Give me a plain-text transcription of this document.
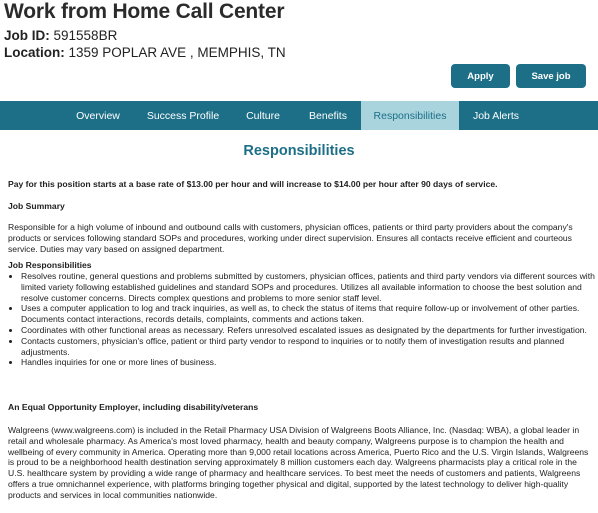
Work from Home Call Center
Job ID: 591558BR
Location: 1359 POPLAR AVE , MEMPHIS, TN
Apply	Save job
Overview	Success Profile	Culture	Benefits	Responsibilities	Job Alerts
Responsibilities
Pay for this position starts at a base rate of $13.00 per hour and will increase to $14.00 per hour after 90 days of service.
Job Summary
Responsible for a high volume of inbound and outbound calls with customers, physician offices, patients or third party providers about the company's products or services following standard SOPs and procedures, working under direct supervision. Ensures all contacts receive efficient and courteous service. Duties may vary based on assigned department.
Job Responsibilities
• Resolves routine, general questions and problems submitted by customers, physician offices, patients and third party vendors via different sources with limited variety following established guidelines and standard SOPs and procedures. Utilizes all available information to choose the best solution and resolve customer concerns. Directs complex questions and problems to more senior staff level.
• Uses a computer application to log and track inquiries, as well as, to check the status of items that require follow-up or involvement of other parties. Documents contact interactions, records details, complaints, comments and actions taken.
• Coordinates with other functional areas as necessary. Refers unresolved escalated issues as designated by the departments for further investigation.
• Contacts customers, physician's office, patient or third party vendor to respond to inquiries or to notify them of investigation results and planned adjustments.
• Handles inquiries for one or more lines of business.
An Equal Opportunity Employer, including disability/veterans
Walgreens (www.walgreens.com) is included in the Retail Pharmacy USA Division of Walgreens Boots Alliance, Inc. (Nasdaq: WBA), a global leader in retail and wholesale pharmacy. As America's most loved pharmacy, health and beauty company, Walgreens purpose is to champion the health and wellbeing of every community in America. Operating more than 9,000 retail locations across America, Puerto Rico and the U.S. Virgin Islands, Walgreens is proud to be a neighborhood health destination serving approximately 8 million customers each day. Walgreens pharmacists play a critical role in the U.S. healthcare system by providing a wide range of pharmacy and healthcare services. To best meet the needs of customers and patients, Walgreens offers a true omnichannel experience, with platforms bringing together physical and digital, supported by the latest technology to deliver high-quality products and services in local communities nationwide.
